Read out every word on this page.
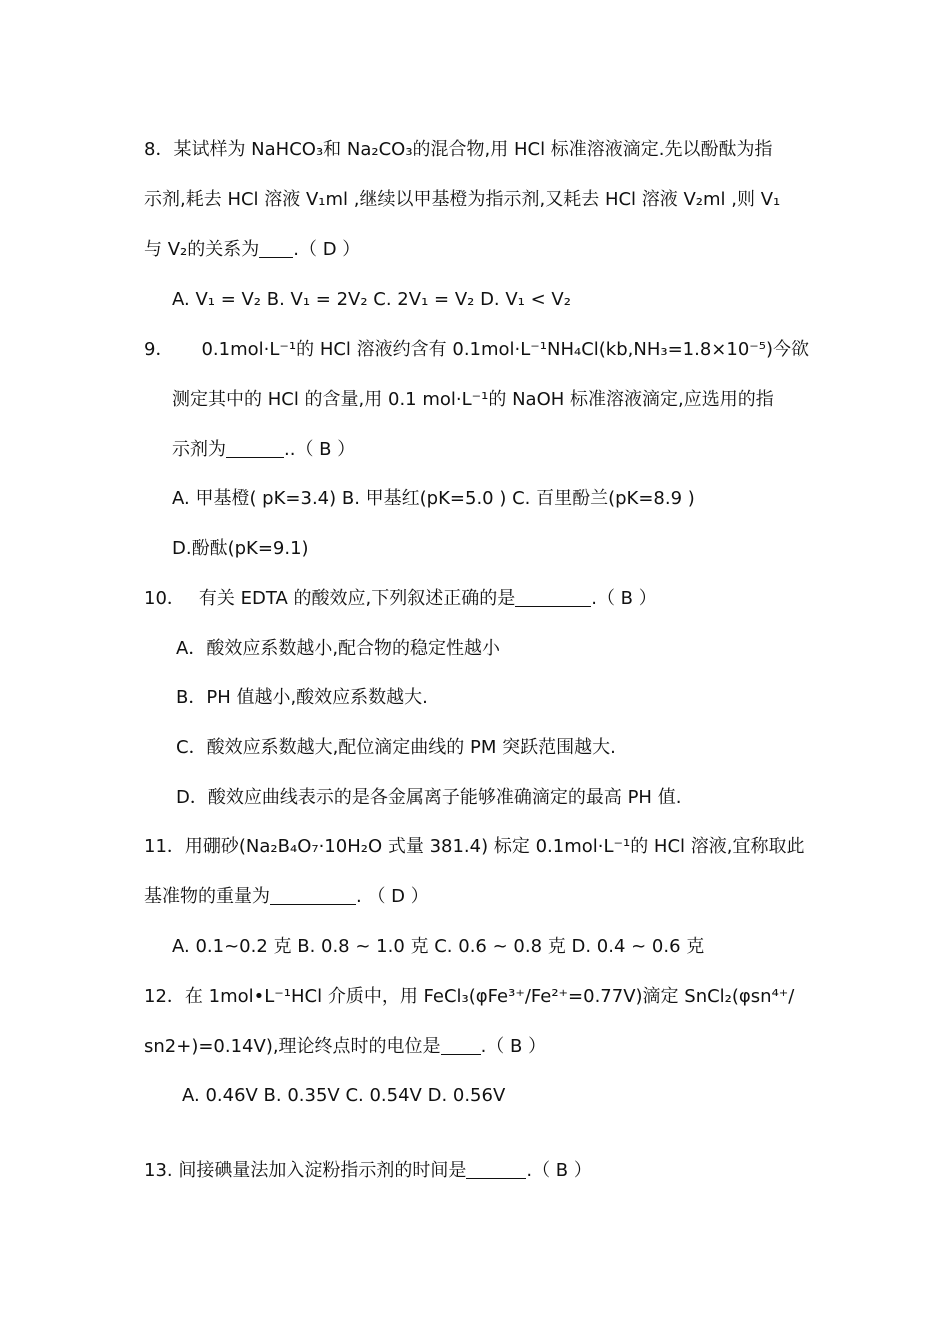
8．某试样为 NaHCO₃和 Na₂CO₃的混合物,用 HCl 标准溶液滴定.先以酚酞为指
示剂,耗去 HCl 溶液 V₁ml ,继续以甲基橙为指示剂,又耗去 HCl 溶液 V₂ml ,则 V₁
与 V₂的关系为 .（ D ）
A. V₁ = V₂ B. V₁ = 2V₂ C. 2V₁ = V₂ D. V₁ < V₂
9． 0.1mol·L⁻¹的 HCl 溶液约含有 0.1mol·L⁻¹NH₄Cl(kb,NH₃=1.8×10⁻⁵)今欲
测定其中的 HCl 的含量,用 0.1 mol·L⁻¹的 NaOH 标准溶液滴定,应选用的指
示剂为	..（ B ）
A. 甲基橙( pK=3.4) B. 甲基红(pK=5.0 ) C. 百里酚兰(pK=8.9 )
D.酚酞(pK=9.1)
10． 有关 EDTA 的酸效应,下列叙述正确的是	.（ B ）
A．酸效应系数越小,配合物的稳定性越小
B．PH 值越小,酸效应系数越大.
C．酸效应系数越大,配位滴定曲线的 PM 突跃范围越大.
D．酸效应曲线表示的是各金属离子能够准确滴定的最高 PH 值.
11．用硼砂(Na₂B₄O₇·10H₂O 式量 381.4) 标定 0.1mol·L⁻¹的 HCl 溶液,宜称取此
基准物的重量为	. （ D ）
A. 0.1~0.2 克 B. 0.8 ~ 1.0 克 C. 0.6 ~ 0.8 克 D. 0.4 ~ 0.6 克
12．在 1mol•L⁻¹HCl 介质中，用 FeCl₃(φFe³⁺/Fe²⁺=0.77V)滴定 SnCl₂(φsn⁴⁺/
sn2+)=0.14V),理论终点时的电位是 .（ B ）
A. 0.46V B. 0.35V C. 0.54V D. 0.56V
13. 间接碘量法加入淀粉指示剂的时间是	.（ B ）
